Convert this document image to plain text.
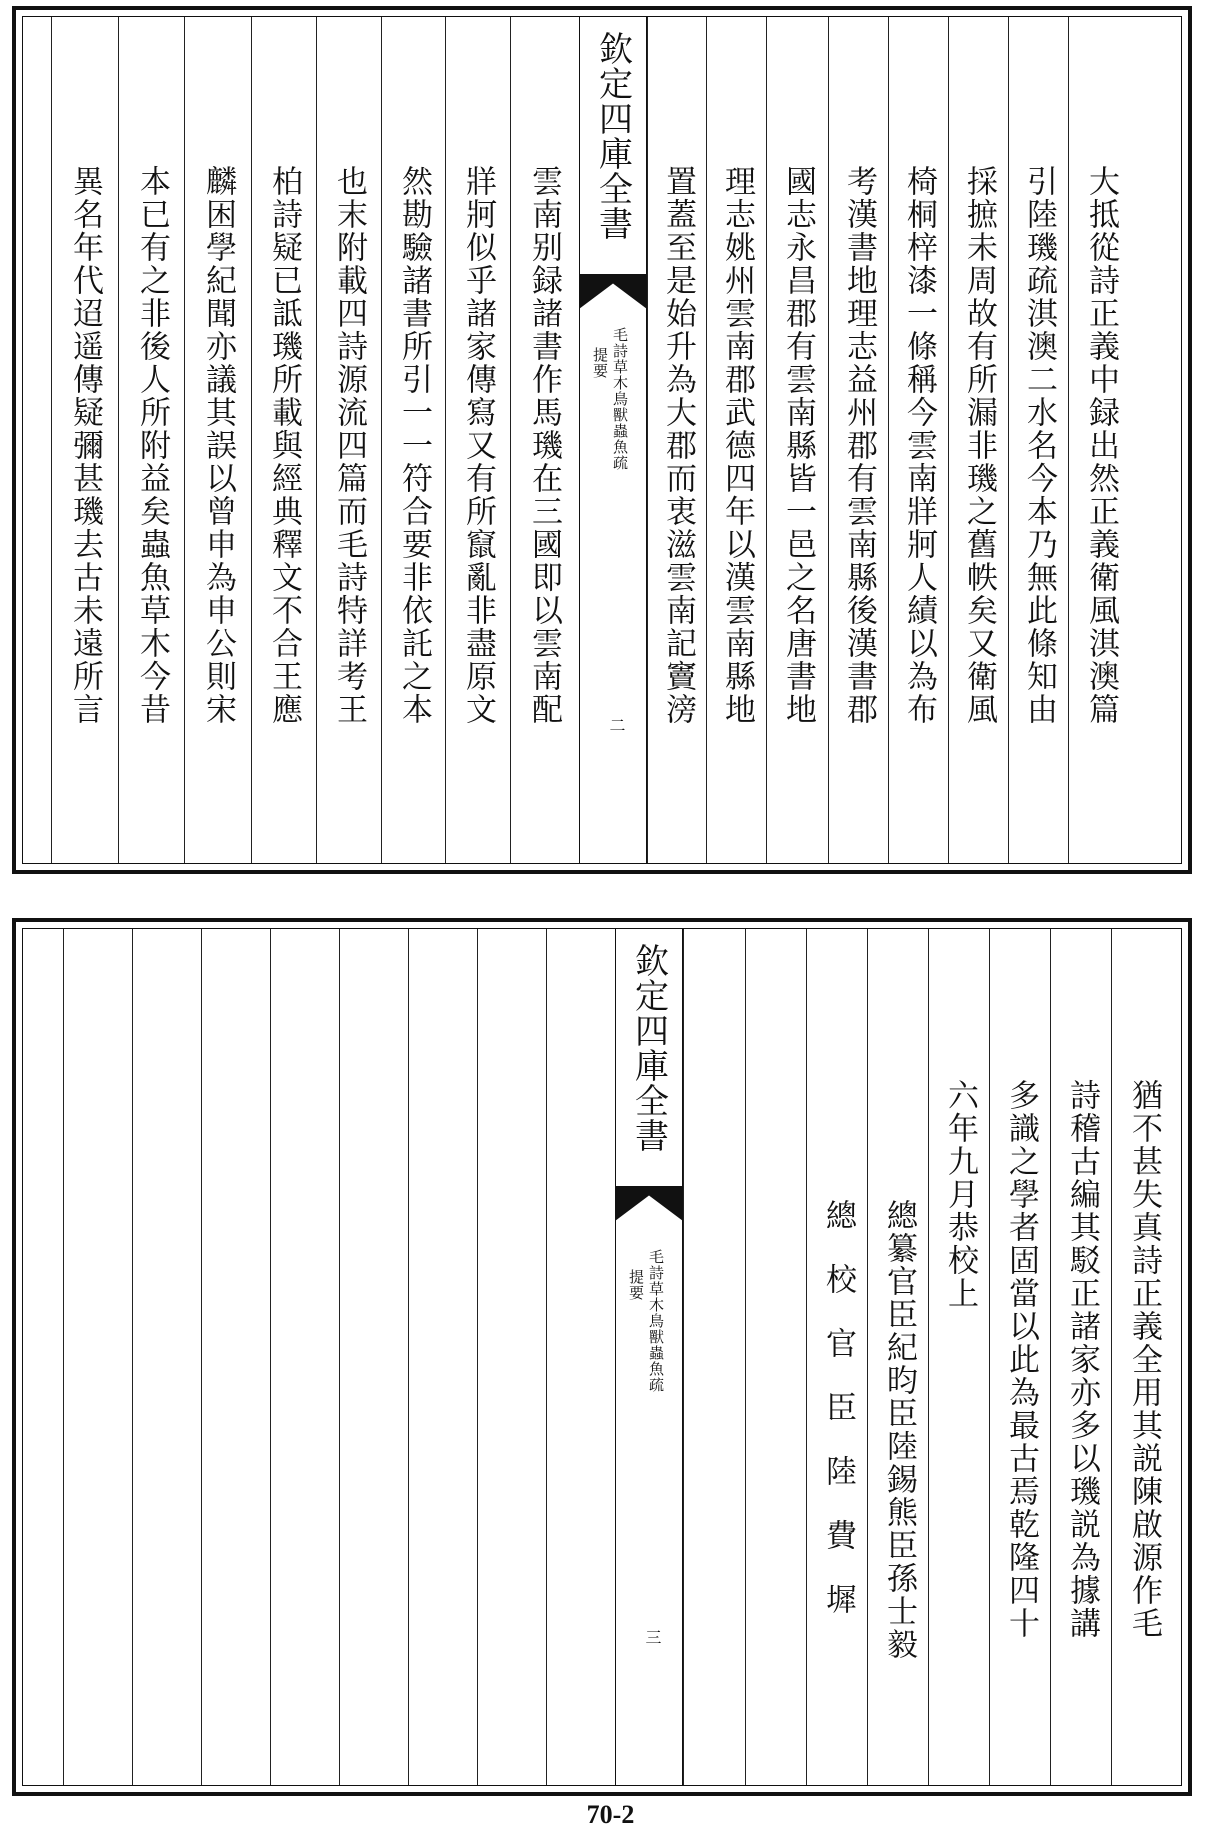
大抵從詩正義中録出然正義衛風淇澳篇
引陸璣疏淇澳二水名今本乃無此條知由
採摭未周故有所漏非璣之舊帙矣又衛風
椅桐梓漆一條稱今雲南牂牁人績以為布
考漢書地理志益州郡有雲南縣後漢書郡
國志永昌郡有雲南縣皆一邑之名唐書地
理志姚州雲南郡武德四年以漢雲南縣地
置蓋至是始升為大郡而衷滋雲南記竇滂
欽定四庫全書
毛詩草木鳥獸蟲魚疏
提要
二
雲南别録諸書作馬璣在三國即以雲南配
牂牁似乎諸家傳寫又有所竄亂非盡原文
然勘驗諸書所引一一符合要非依託之本
也末附載四詩源流四篇而毛詩特詳考王
柏詩疑已詆璣所載與經典釋文不合王應
麟困學紀聞亦議其誤以曾申為申公則宋
本已有之非後人所附益矣蟲魚草木今昔
異名年代迢遥傳疑彌甚璣去古未遠所言
猶不甚失真詩正義全用其説陳啟源作毛
詩稽古編其駁正諸家亦多以璣説為據講
多識之學者固當以此為最古焉乾隆四十
六年九月恭校上
總纂官臣紀昀臣陸錫熊臣孫士毅
總　校　官　臣　陸　費　墀
欽定四庫全書
毛詩草木鳥獸蟲魚疏
提要
三
70-2
